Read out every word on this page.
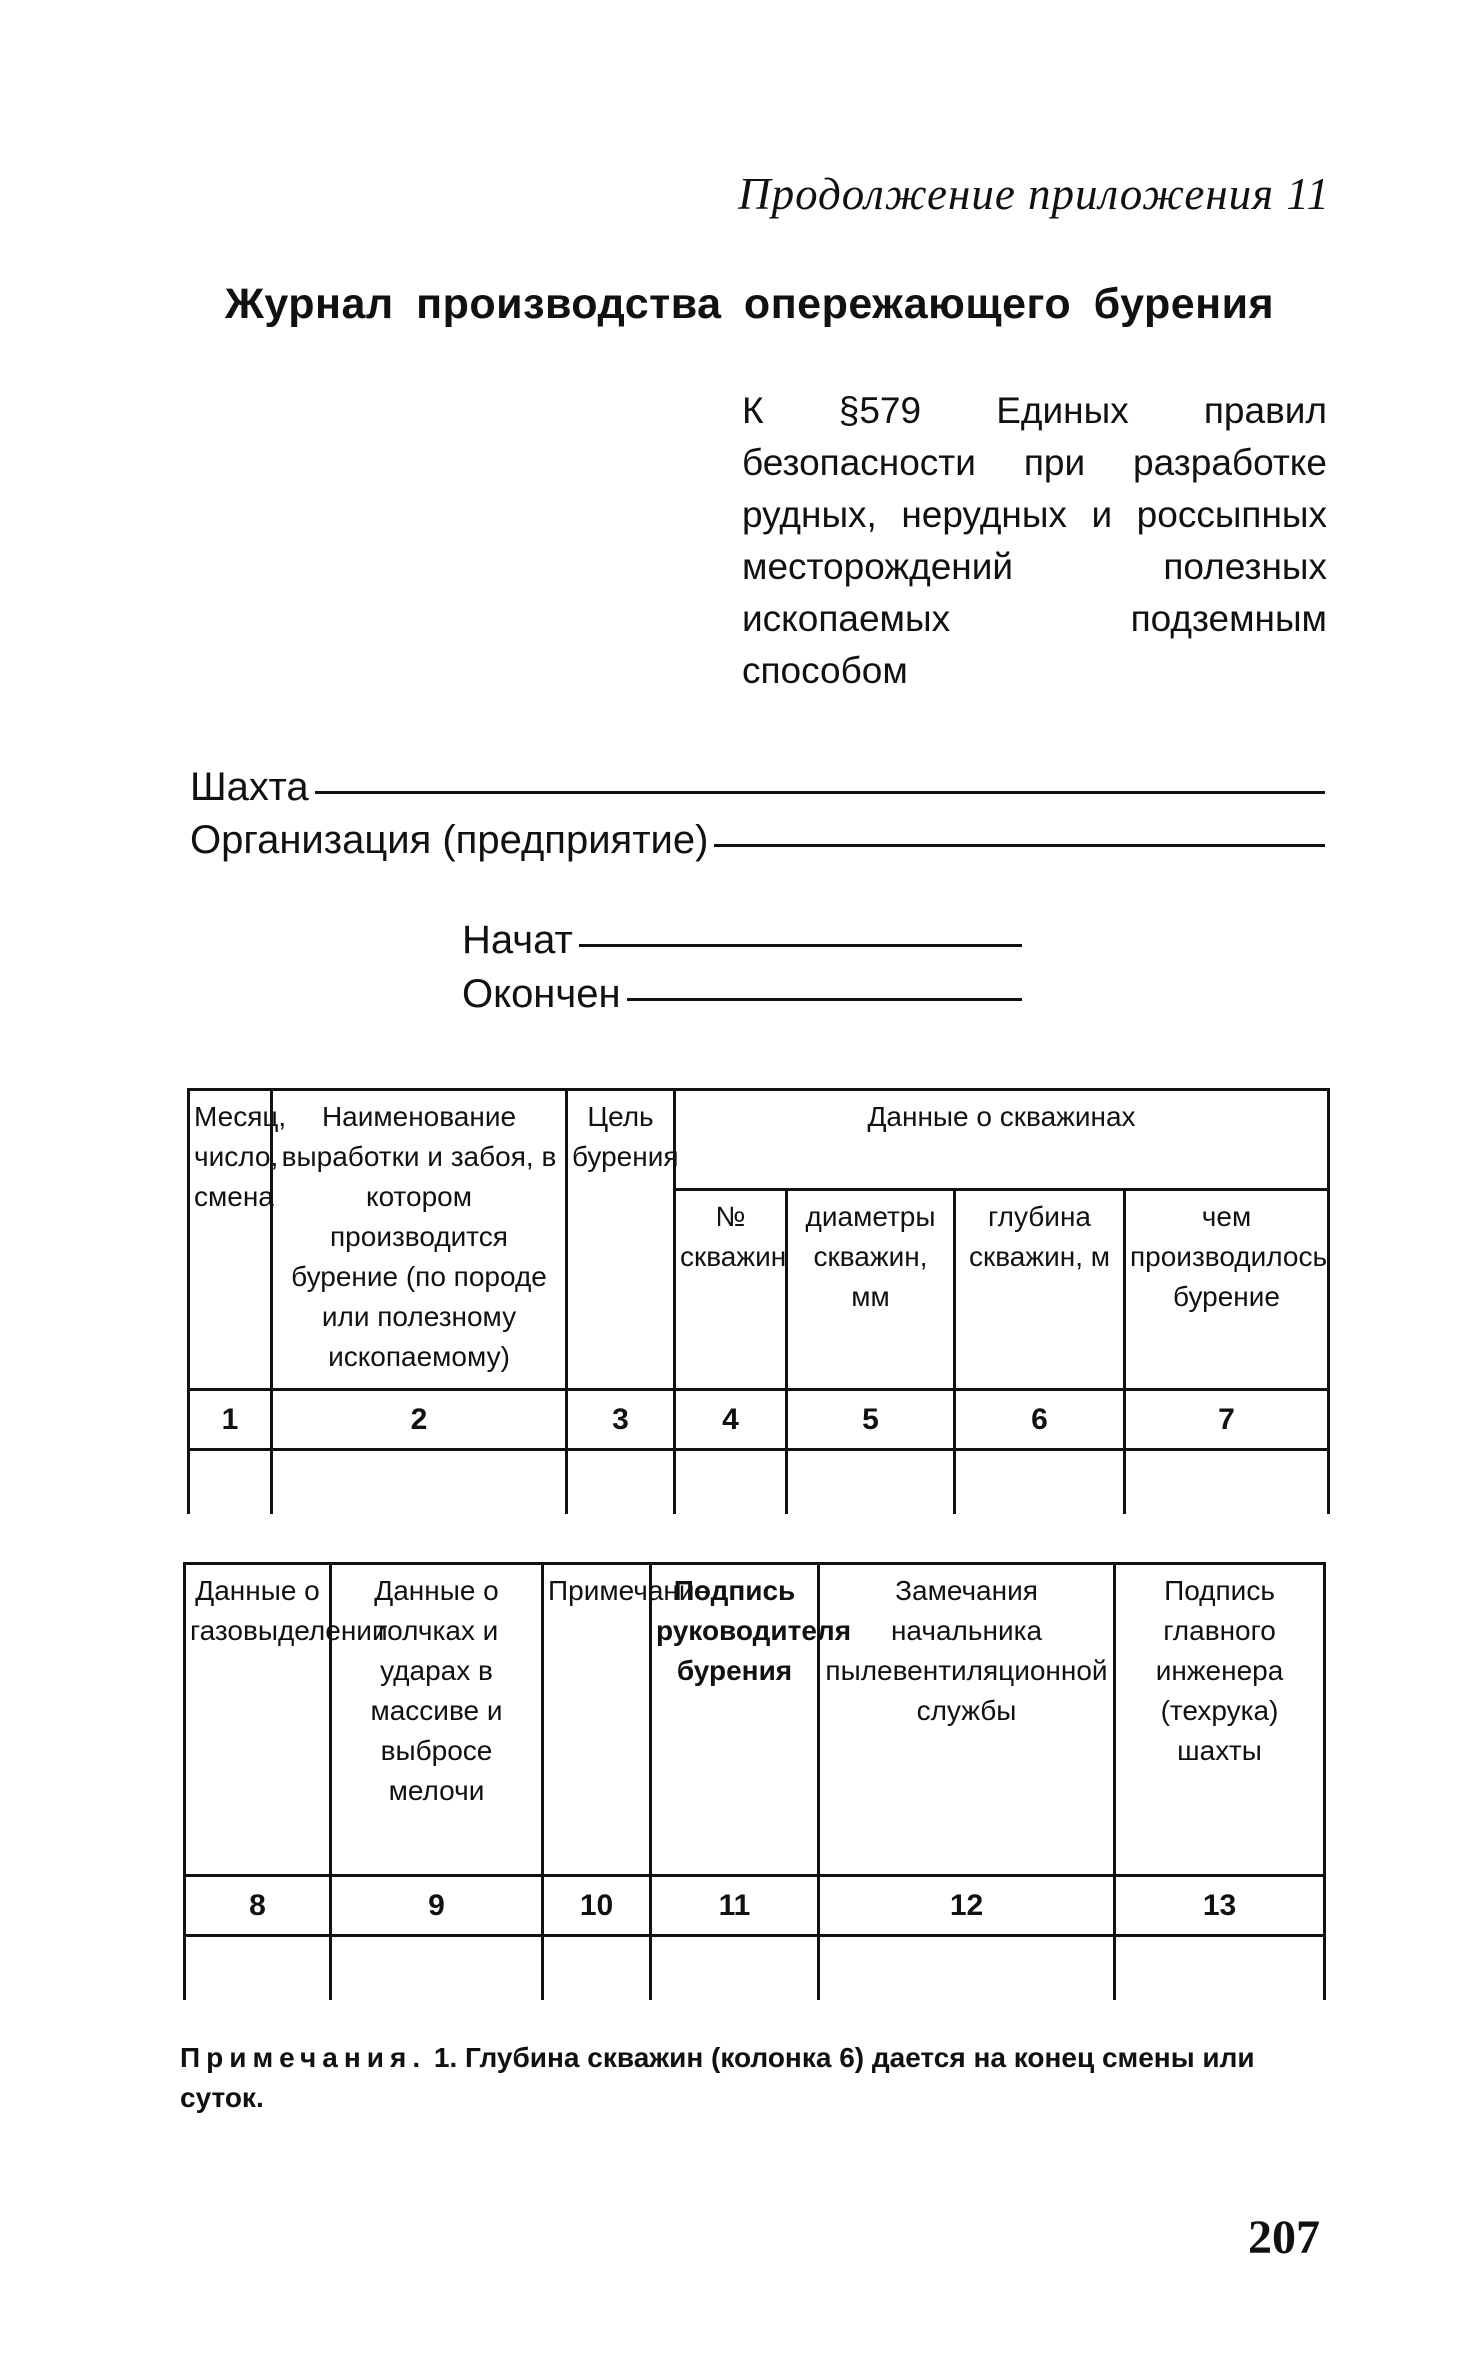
Продолжение приложения 11
Журнал производства опережающего бурения
К §579 Единых правил безопасности при разработке рудных, нерудных и россыпных месторождений полезных ископаемых подземным способом
Шахта
Организация (предприятие)
Начат
Окончен
Месяц, число, смена	Наименование выработки и забоя, в котором производится бурение (по породе или полезному ископаемому)	Цель бурения	Данные о скважинах			
			№ скважин	диаметры скважин, мм	глубина скважин, м	чем производилось бурение
1	2	3	4	5	6	7

Данные о газовыделении	Данные о толчках и ударах в массиве и выбросе мелочи	Примечание	Подпись руководителя бурения	Замечания начальника пылевентиляционной службы	Подпись главного инженера (техрука) шахты
8	9	10	11	12	13

Примечания. 1. Глубина скважин (колонка 6) дается на конец смены или суток.
207
